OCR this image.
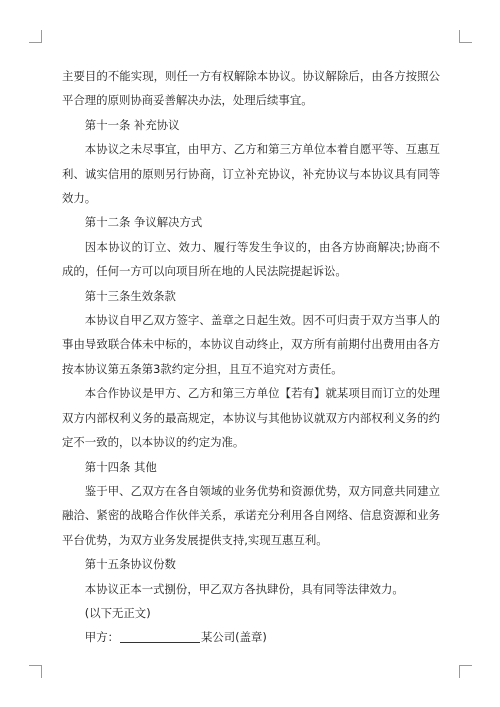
主要目的不能实现，则任一方有权解除本协议。协议解除后，由各方按照公平合理的原则协商妥善解决办法，处理后续事宜。

第十一条 补充协议

本协议之未尽事宜，由甲方、乙方和第三方单位本着自愿平等、互惠互利、诚实信用的原则另行协商，订立补充协议，补充协议与本协议具有同等效力。

第十二条 争议解决方式

因本协议的订立、效力、履行等发生争议的，由各方协商解决;协商不成的，任何一方可以向项目所在地的人民法院提起诉讼。

第十三条生效条款

本协议自甲乙双方签字、盖章之日起生效。因不可归责于双方当事人的事由导致联合体未中标的，本协议自动终止，双方所有前期付出费用由各方按本协议第五条第3款约定分担，且互不追究对方责任。

本合作协议是甲方、乙方和第三方单位【若有】就某项目而订立的处理双方内部权利义务的最高规定，本协议与其他协议就双方内部权利义务的约定不一致的，以本协议的约定为准。

第十四条 其他

鉴于甲、乙双方在各自领域的业务优势和资源优势，双方同意共同建立融洽、紧密的战略合作伙伴关系，承诺充分利用各自网络、信息资源和业务平台优势，为双方业务发展提供支持,实现互惠互利。

第十五条协议份数

本协议正本一式捌份，甲乙双方各执肆份，具有同等法律效力。

(以下无正文)

甲方：	某公司(盖章)
